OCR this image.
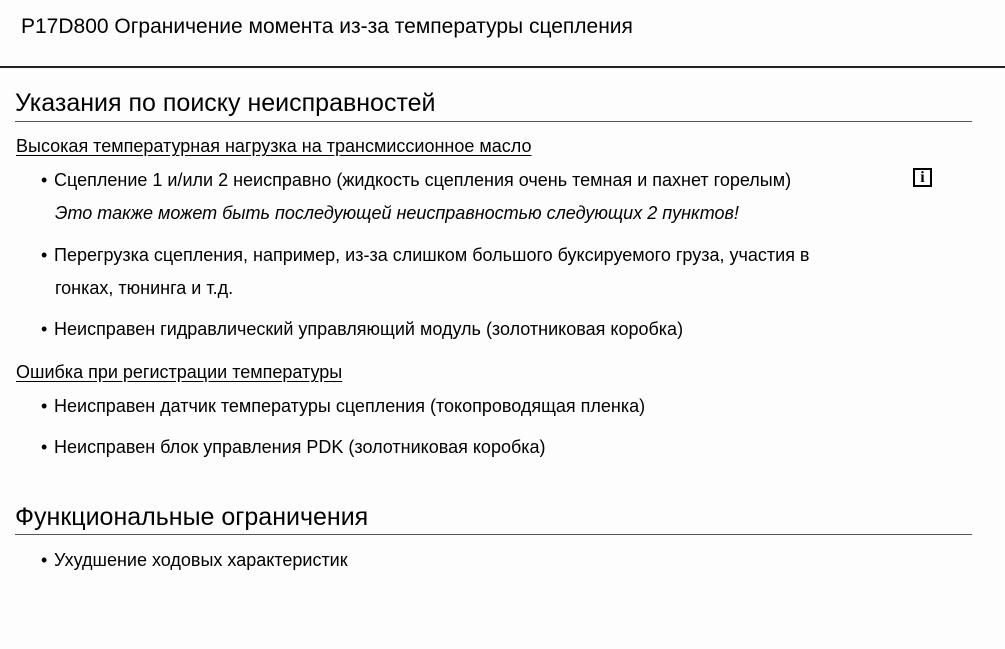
P17D800 Ограничение момента из-за температуры сцепления
Указания по поиску неисправностей
Высокая температурная нагрузка на трансмиссионное масло
• Сцепление 1 и/или 2 неисправно (жидкость сцепления очень темная и пахнет горелым)	i
Это также может быть последующей неисправностью следующих 2 пунктов!
• Перегрузка сцепления, например, из-за слишком большого буксируемого груза, участия в
гонках, тюнинга и т.д.
• Неисправен гидравлический управляющий модуль (золотниковая коробка)
Ошибка при регистрации температуры
• Неисправен датчик температуры сцепления (токопроводящая пленка)
• Неисправен блок управления PDK (золотниковая коробка)
Функциональные ограничения
• Ухудшение ходовых характеристик
